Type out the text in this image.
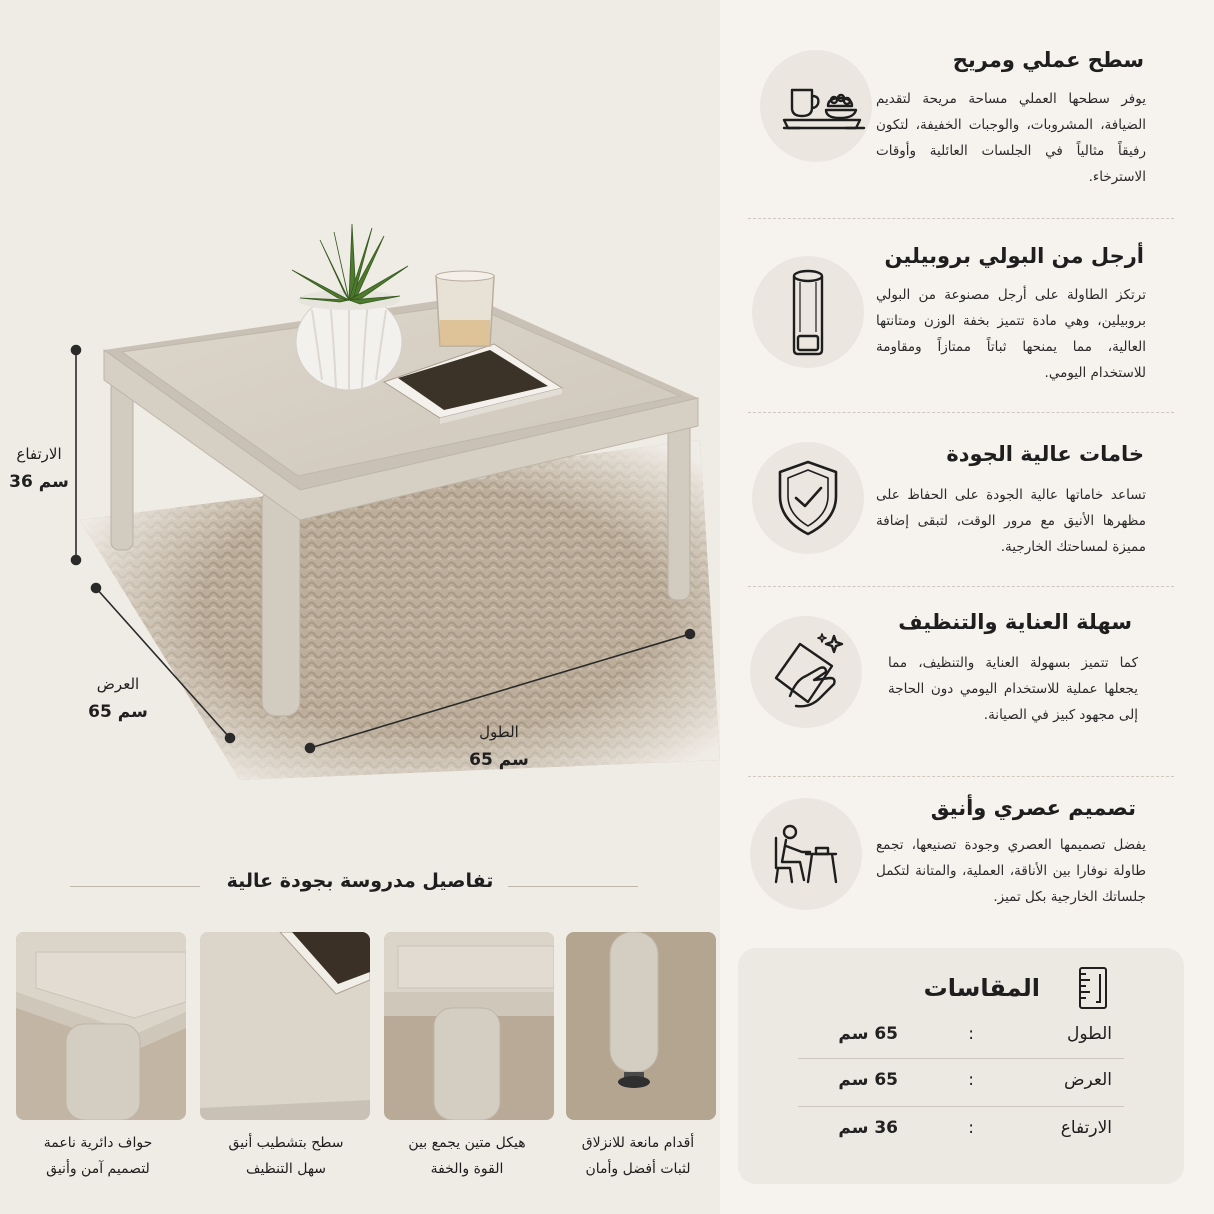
الارتفاع
36 سم
العرض
65 سم
الطول
65 سم
تفاصيل مدروسة بجودة عالية
حواف دائرية ناعمة
لتصميم آمن وأنيق
سطح بتشطيب أنيق
سهل التنظيف
هيكل متين يجمع بين
القوة والخفة
أقدام مانعة للانزلاق
لثبات أفضل وأمان
سطح عملي ومريح
يوفر سطحها العملي مساحة مريحة لتقديم الضيافة، المشروبات، والوجبات الخفيفة، لتكون رفيقاً مثالياً في الجلسات العائلية وأوقات الاسترخاء.
أرجل من البولي بروبيلين
ترتكز الطاولة على أرجل مصنوعة من البولي بروبيلين، وهي مادة تتميز بخفة الوزن ومتانتها العالية، مما يمنحها ثباتاً ممتازاً ومقاومة للاستخدام اليومي.
خامات عالية الجودة
تساعد خاماتها عالية الجودة على الحفاظ على مظهرها الأنيق مع مرور الوقت، لتبقى إضافة مميزة لمساحتك الخارجية.
سهلة العناية والتنظيف
كما تتميز بسهولة العناية والتنظيف، مما يجعلها عملية للاستخدام اليومي دون الحاجة إلى مجهود كبيز في الصيانة.
تصميم عصري وأنيق
يفضل تصميمها العصري وجودة تصنيعها، تجمع طاولة نوفارا بين الأناقة، العملية، والمتانة لتكمل جلساتك الخارجية بكل تميز.
المقاسات
الطول
:
65 سم
العرض
:
65 سم
الارتفاع
:
36 سم
